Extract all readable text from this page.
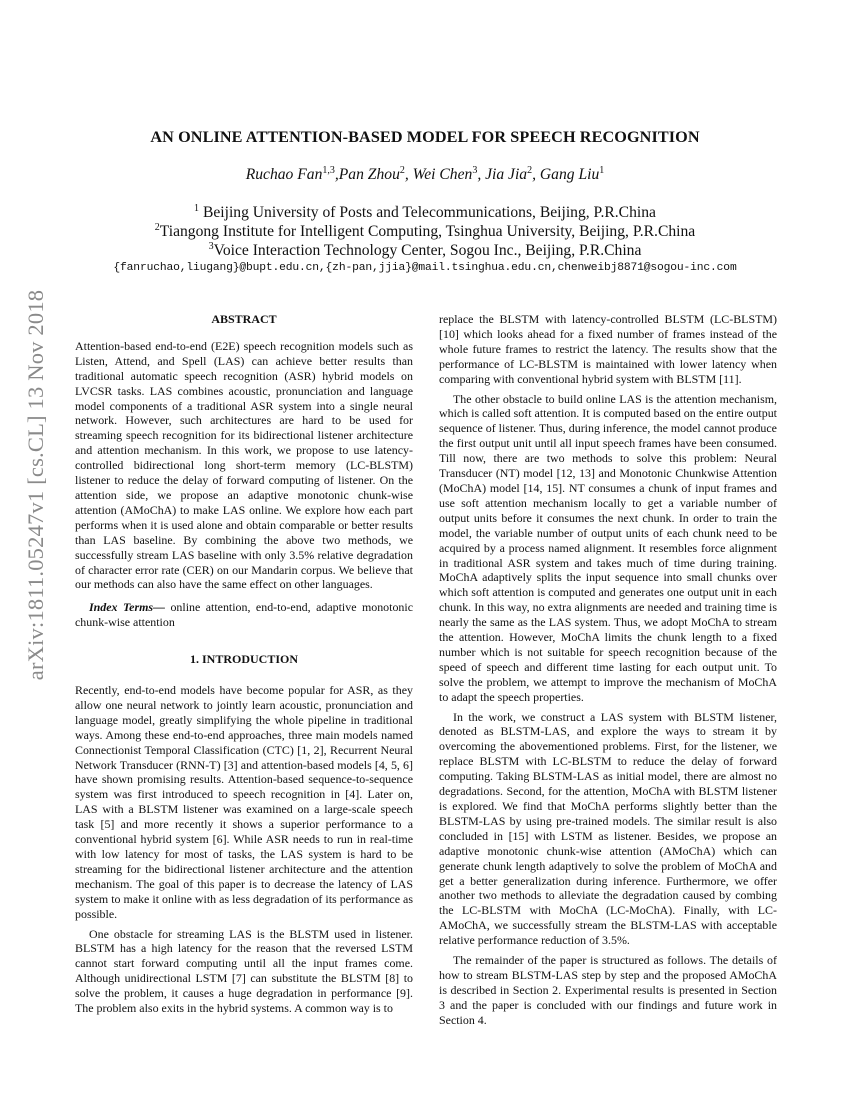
arXiv:1811.05247v1 [cs.CL] 13 Nov 2018
AN ONLINE ATTENTION-BASED MODEL FOR SPEECH RECOGNITION
Ruchao Fan$^{1,3}$,Pan Zhou$^2$, Wei Chen$^3$, Jia Jia$^2$, Gang Liu$^1$
$^1$ Beijing University of Posts and Telecommunications, Beijing, P.R.China
$^2$Tiangong Institute for Intelligent Computing, Tsinghua University, Beijing, P.R.China
$^3$Voice Interaction Technology Center, Sogou Inc., Beijing, P.R.China
{fanruchao,liugang}@bupt.edu.cn,{zh-pan,jjia}@mail.tsinghua.edu.cn,chenweibj8871@sogou-inc.com
ABSTRACT

Attention-based end-to-end (E2E) speech recognition models such as Listen, Attend, and Spell (LAS) can achieve better results than traditional automatic speech recognition (ASR) hybrid models on LVCSR tasks. LAS combines acoustic, pronunciation and language model components of a traditional ASR system into a single neural network. However, such architectures are hard to be used for streaming speech recognition for its bidirectional listener architecture and attention mechanism. In this work, we propose to use latency-controlled bidirectional long short-term memory (LC-BLSTM) listener to reduce the delay of forward computing of listener. On the attention side, we propose an adaptive monotonic chunk-wise attention (AMoChA) to make LAS online. We explore how each part performs when it is used alone and obtain comparable or better results than LAS baseline. By combining the above two methods, we successfully stream LAS baseline with only 3.5% relative degradation of character error rate (CER) on our Mandarin corpus. We believe that our methods can also have the same effect on other languages.

Index Terms— online attention, end-to-end, adaptive monotonic chunk-wise attention

1. INTRODUCTION

Recently, end-to-end models have become popular for ASR, as they allow one neural network to jointly learn acoustic, pronunciation and language model, greatly simplifying the whole pipeline in traditional ways. Among these end-to-end approaches, three main models named Connectionist Temporal Classification (CTC) [1, 2], Recurrent Neural Network Transducer (RNN-T) [3] and attention-based models [4, 5, 6] have shown promising results. Attention-based sequence-to-sequence system was first introduced to speech recognition in [4]. Later on, LAS with a BLSTM listener was examined on a large-scale speech task [5] and more recently it shows a superior performance to a conventional hybrid system [6]. While ASR needs to run in real-time with low latency for most of tasks, the LAS system is hard to be streaming for the bidirectional listener architecture and the attention mechanism. The goal of this paper is to decrease the latency of LAS system to make it online with as less degradation of its performance as possible.

One obstacle for streaming LAS is the BLSTM used in listener. BLSTM has a high latency for the reason that the reversed LSTM cannot start forward computing until all the input frames come. Although unidirectional LSTM [7] can substitute the BLSTM [8] to solve the problem, it causes a huge degradation in performance [9]. The problem also exits in the hybrid systems. A common way is to

replace the BLSTM with latency-controlled BLSTM (LC-BLSTM) [10] which looks ahead for a fixed number of frames instead of the whole future frames to restrict the latency. The results show that the performance of LC-BLSTM is maintained with lower latency when comparing with conventional hybrid system with BLSTM [11].

The other obstacle to build online LAS is the attention mechanism, which is called soft attention. It is computed based on the entire output sequence of listener. Thus, during inference, the model cannot produce the first output unit until all input speech frames have been consumed. Till now, there are two methods to solve this problem: Neural Transducer (NT) model [12, 13] and Monotonic Chunkwise Attention (MoChA) model [14, 15]. NT consumes a chunk of input frames and use soft attention mechanism locally to get a variable number of output units before it consumes the next chunk. In order to train the model, the variable number of output units of each chunk need to be acquired by a process named alignment. It resembles force alignment in traditional ASR system and takes much of time during training. MoChA adaptively splits the input sequence into small chunks over which soft attention is computed and generates one output unit in each chunk. In this way, no extra alignments are needed and training time is nearly the same as the LAS system. Thus, we adopt MoChA to stream the attention. However, MoChA limits the chunk length to a fixed number which is not suitable for speech recognition because of the speed of speech and different time lasting for each output unit. To solve the problem, we attempt to improve the mechanism of MoChA to adapt the speech properties.

In the work, we construct a LAS system with BLSTM listener, denoted as BLSTM-LAS, and explore the ways to stream it by overcoming the abovementioned problems. First, for the listener, we replace BLSTM with LC-BLSTM to reduce the delay of forward computing. Taking BLSTM-LAS as initial model, there are almost no degradations. Second, for the attention, MoChA with BLSTM listener is explored. We find that MoChA performs slightly better than the BLSTM-LAS by using pre-trained models. The similar result is also concluded in [15] with LSTM as listener. Besides, we propose an adaptive monotonic chunk-wise attention (AMoChA) which can generate chunk length adaptively to solve the problem of MoChA and get a better generalization during inference. Furthermore, we offer another two methods to alleviate the degradation caused by combing the LC-BLSTM with MoChA (LC-MoChA). Finally, with LC-AMoChA, we successfully stream the BLSTM-LAS with acceptable relative performance reduction of 3.5%.

The remainder of the paper is structured as follows. The details of how to stream BLSTM-LAS step by step and the proposed AMoChA is described in Section 2. Experimental results is presented in Section 3 and the paper is concluded with our findings and future work in Section 4.
